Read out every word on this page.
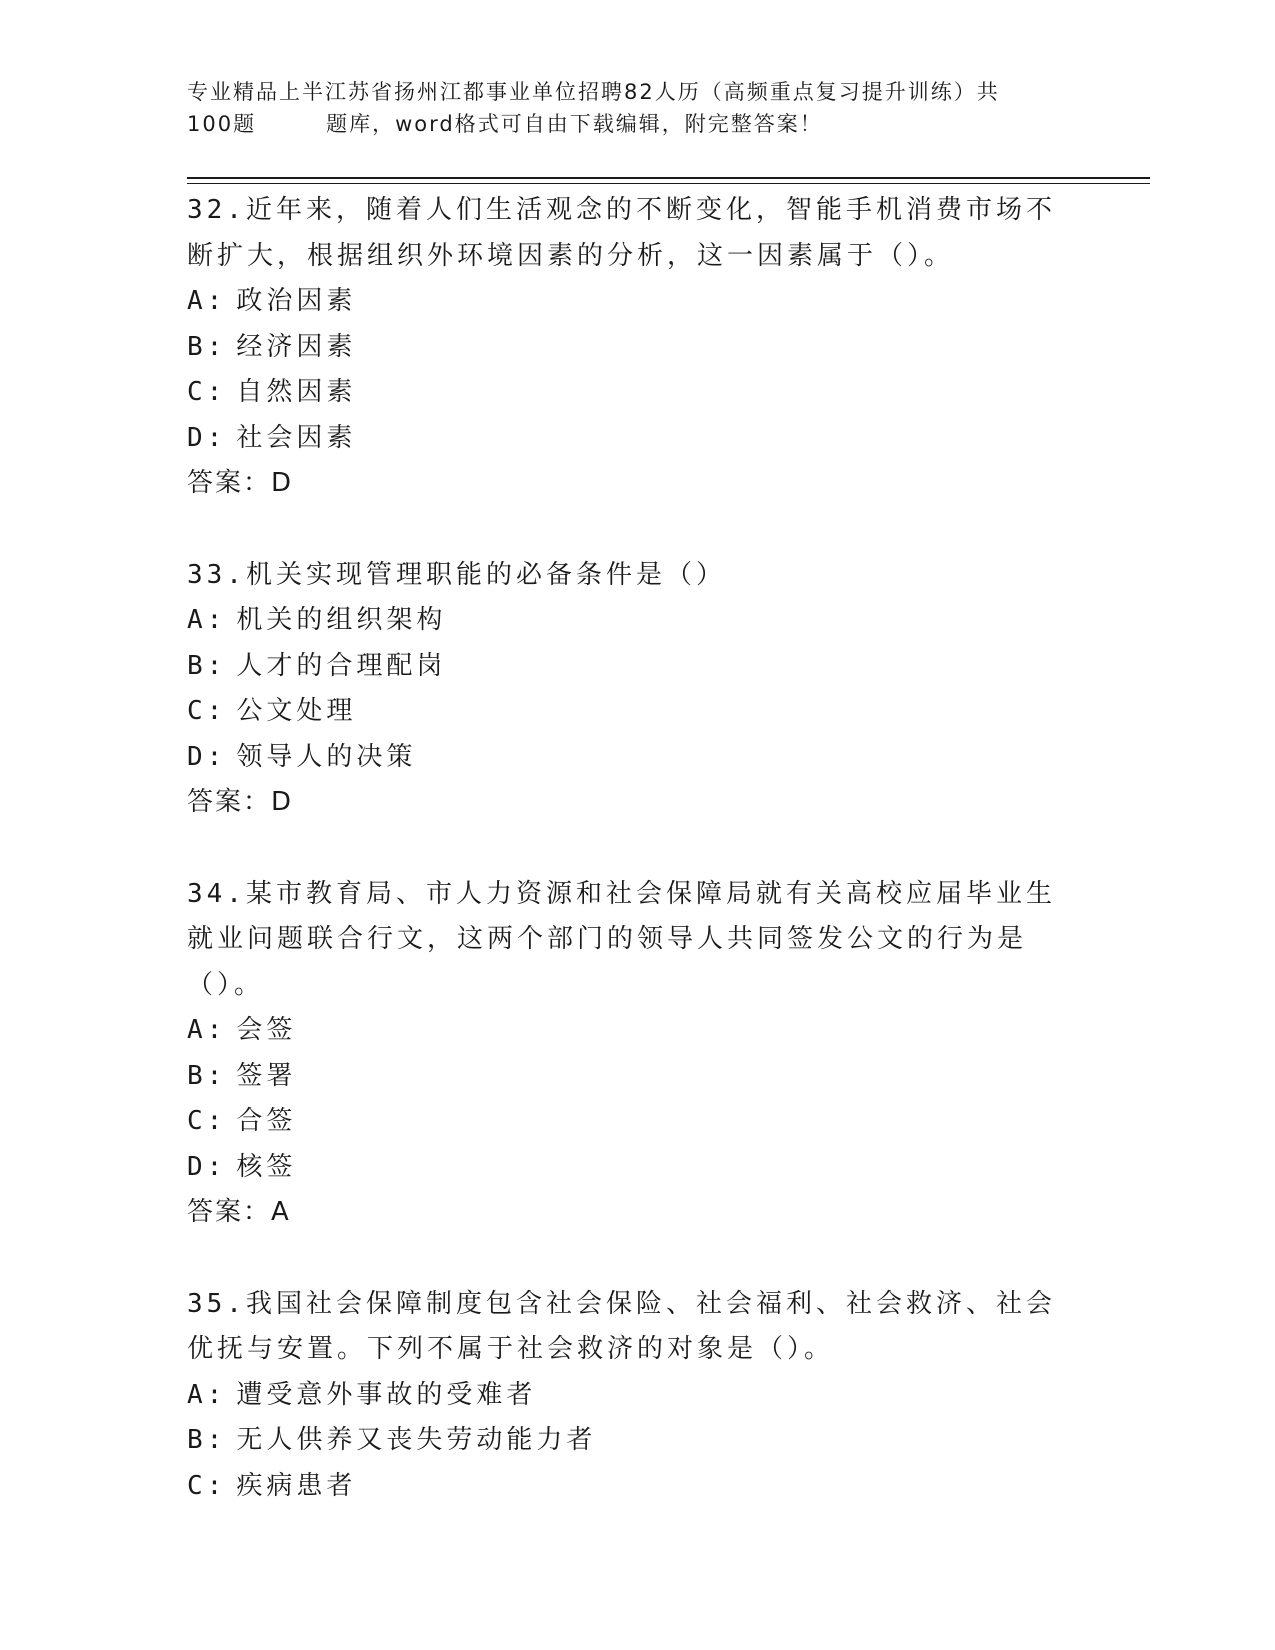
专业精品上半江苏省扬州江都事业单位招聘82人历（高频重点复习提升训练）共
100题	题库，word格式可自由下载编辑，附完整答案！

32.近年来，随着人们生活观念的不断变化，智能手机消费市场不断扩大，根据组织外环境因素的分析，这一因素属于（）。

A: 政治因素

B: 经济因素

C: 自然因素

D: 社会因素

答案：D

33.机关实现管理职能的必备条件是（）

A: 机关的组织架构

B: 人才的合理配岗

C: 公文处理

D: 领导人的决策

答案：D

34.某市教育局、市人力资源和社会保障局就有关高校应届毕业生就业问题联合行文，这两个部门的领导人共同签发公文的行为是（）。

A: 会签

B: 签署

C: 合签

D: 核签

答案：A

35.我国社会保障制度包含社会保险、社会福利、社会救济、社会优抚与安置。下列不属于社会救济的对象是（）。

A: 遭受意外事故的受难者

B: 无人供养又丧失劳动能力者

C: 疾病患者
